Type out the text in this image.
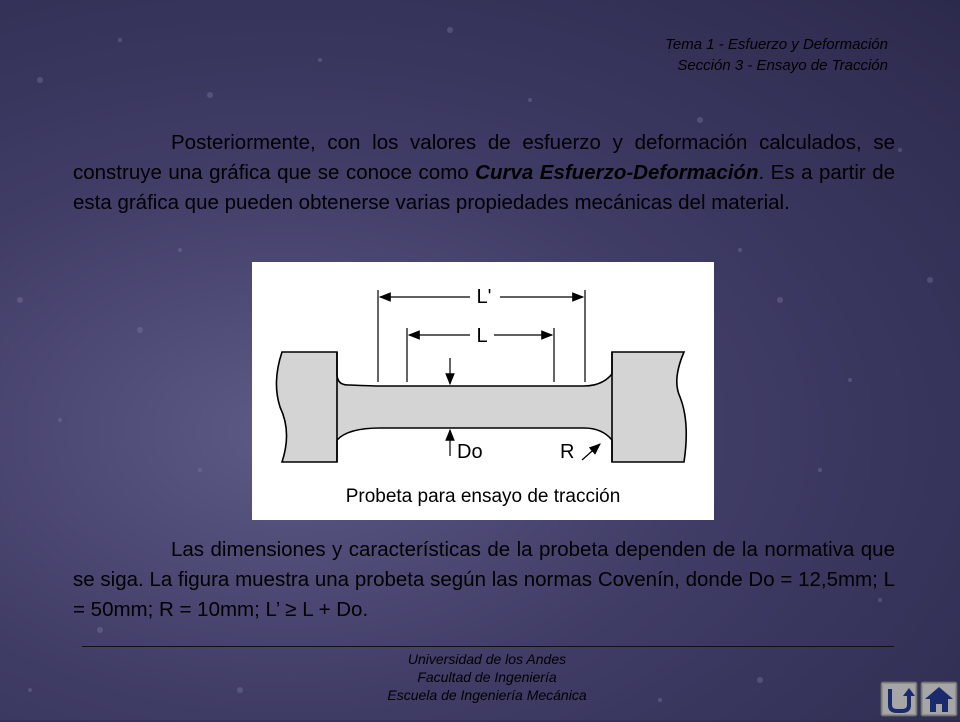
Tema 1 - Esfuerzo y Deformación
Sección 3 - Ensayo de Tracción
Posteriormente, con los valores de esfuerzo y deformación calculados, se construye una gráfica que se conoce como Curva Esfuerzo-Deformación. Es a partir de esta gráfica que pueden obtenerse varias propiedades mecánicas del material.
L'
L
Do	R
Probeta para ensayo de tracción
Las dimensiones y características de la probeta dependen de la normativa que se siga. La figura muestra una probeta según las normas Covenín, donde Do = 12,5mm; L = 50mm; R = 10mm; L’ ≥ L + Do.
Universidad de los Andes
Facultad de Ingeniería
Escuela de Ingeniería Mecánica
